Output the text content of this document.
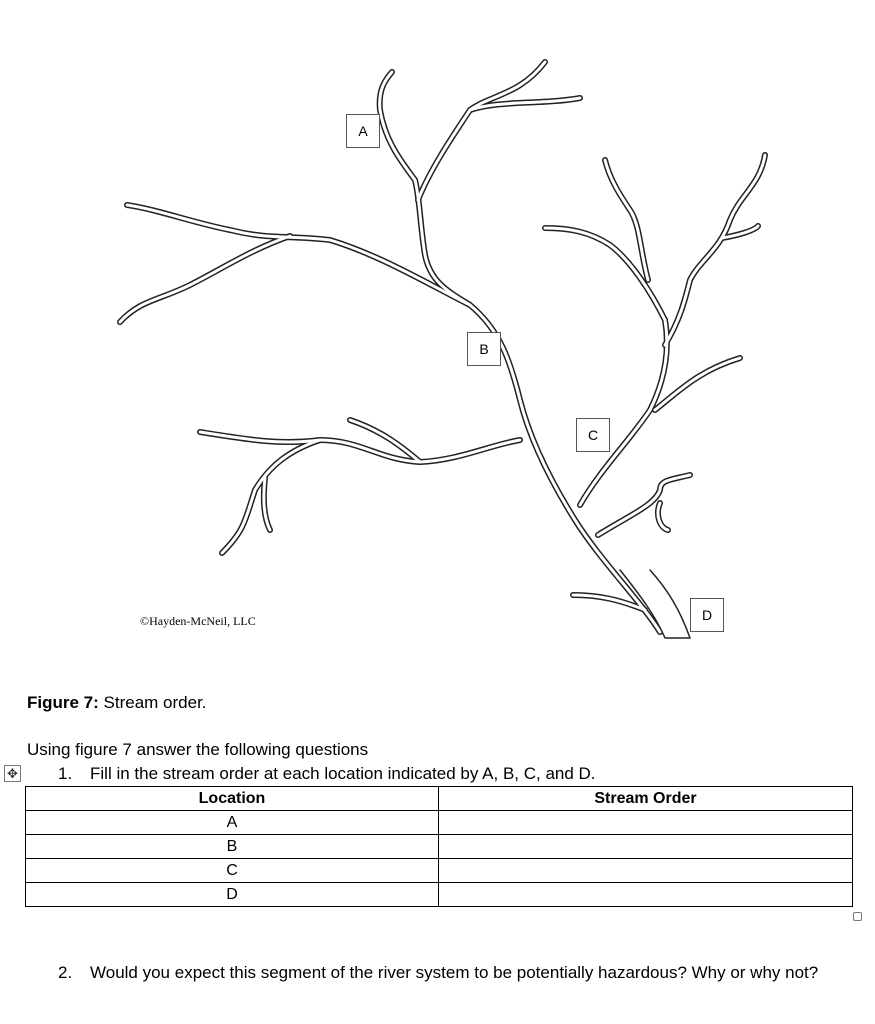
A
B
C
D
©Hayden-McNeil, LLC
Figure 7: Stream order.
Using figure 7 answer the following questions
✥ 1. Fill in the stream order at each location indicated by A, B, C, and D.
Location	Stream Order
A	
B	
C	
D	
2.	Would you expect this segment of the river system to be potentially hazardous? Why or why not?
